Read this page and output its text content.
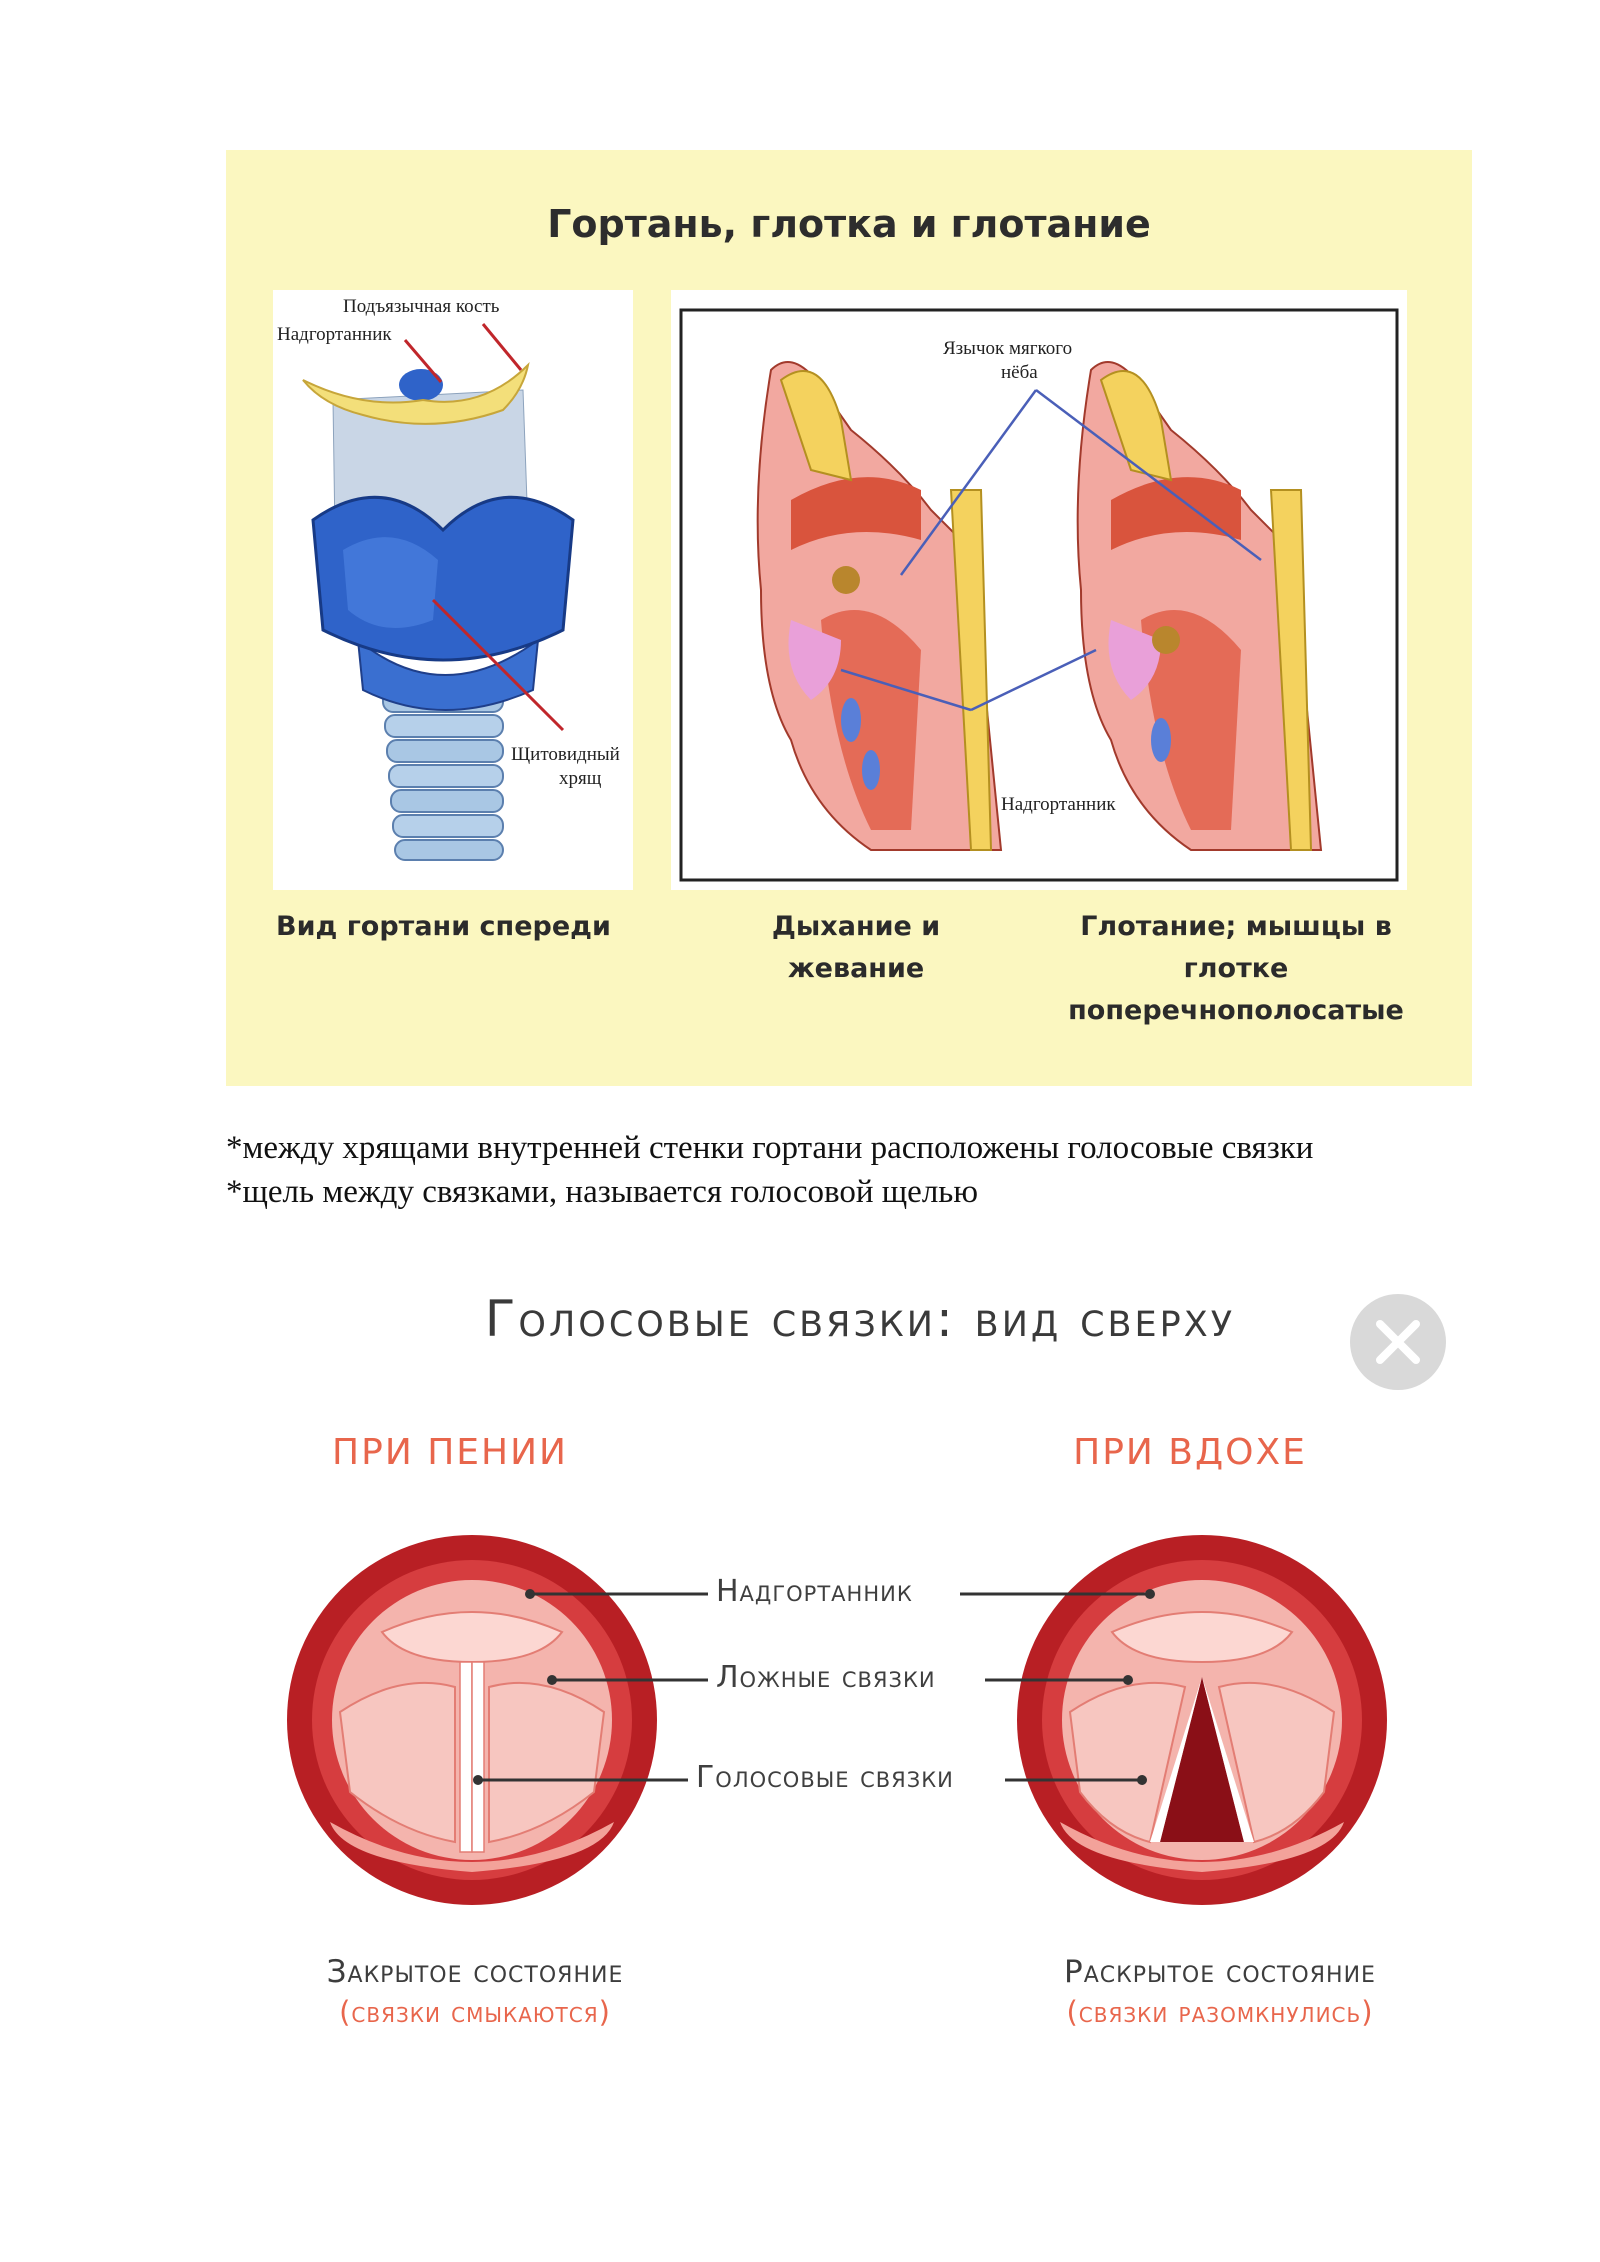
Гортань, глотка и глотание
Подъязычная кость
Надгортанник
Щитовидный
хрящ
Язычок мягкого
нёба
Надгортанник
Вид гортани спереди	Дыхание и
жевание
Глотание; мышцы в
глотке
поперечнополосатые

*между хрящами внутренней стенки гортани расположены голосовые связки

*щель между связками, называется голосовой щелью

Голосовые связки: вид сверху
ПРИ ПЕНИИ	ПРИ ВДОХЕ
Надгортанник
Ложные связки
Голосовые связки
Закрытое состояние
(связки смыкаются)
Раскрытое состояние
(связки разомкнулись)
